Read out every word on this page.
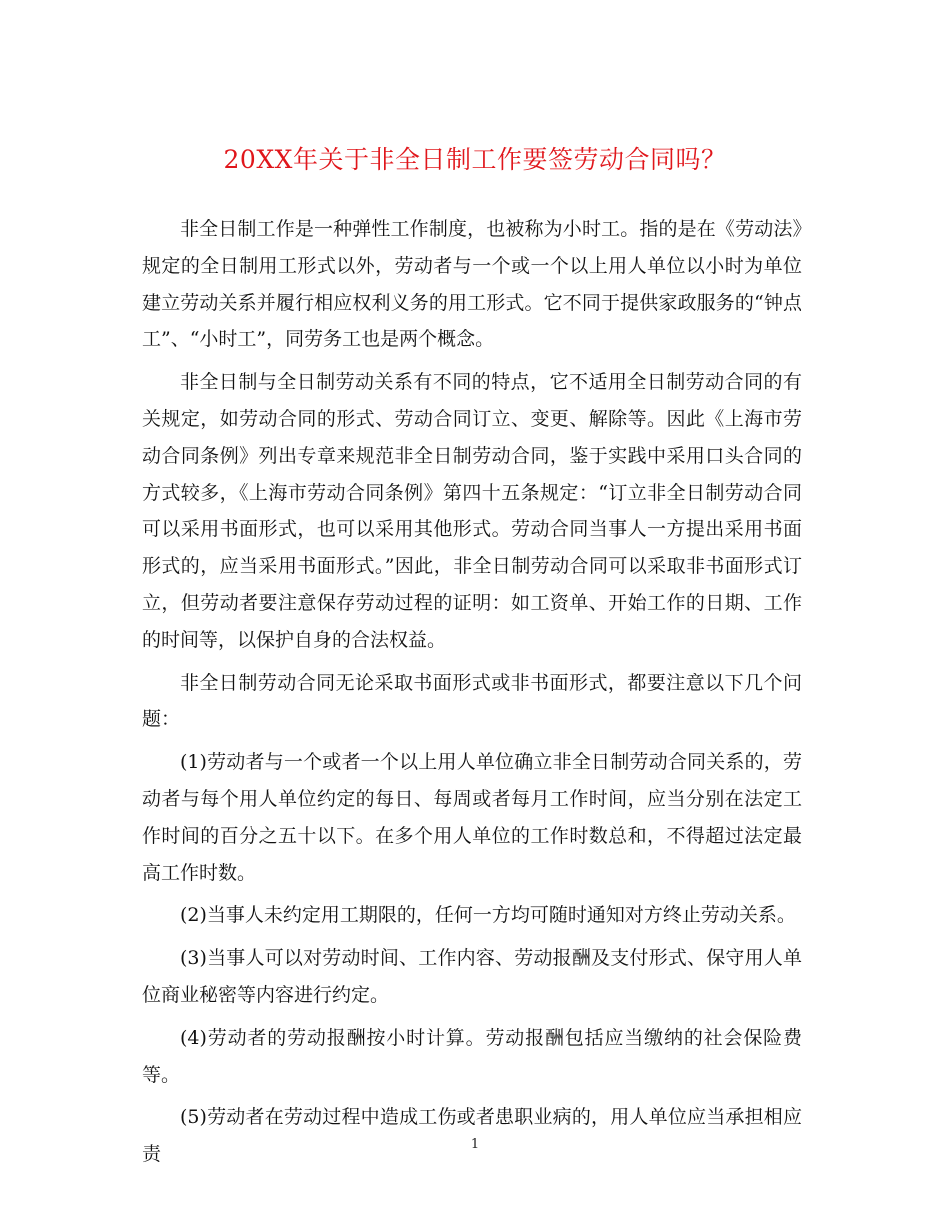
20XX年关于非全日制工作要签劳动合同吗？

非全日制工作是一种弹性工作制度，也被称为小时工。指的是在《劳动法》规定的全日制用工形式以外，劳动者与一个或一个以上用人单位以小时为单位建立劳动关系并履行相应权利义务的用工形式。它不同于提供家政服务的“钟点工”、“小时工”，同劳务工也是两个概念。

非全日制与全日制劳动关系有不同的特点，它不适用全日制劳动合同的有关规定，如劳动合同的形式、劳动合同订立、变更、解除等。因此《上海市劳动合同条例》列出专章来规范非全日制劳动合同，鉴于实践中采用口头合同的方式较多，《上海市劳动合同条例》第四十五条规定：“订立非全日制劳动合同可以采用书面形式，也可以采用其他形式。劳动合同当事人一方提出采用书面形式的，应当采用书面形式。”因此，非全日制劳动合同可以采取非书面形式订立，但劳动者要注意保存劳动过程的证明：如工资单、开始工作的日期、工作的时间等，以保护自身的合法权益。

非全日制劳动合同无论采取书面形式或非书面形式，都要注意以下几个问题：

(1)劳动者与一个或者一个以上用人单位确立非全日制劳动合同关系的，劳动者与每个用人单位约定的每日、每周或者每月工作时间，应当分别在法定工作时间的百分之五十以下。在多个用人单位的工作时数总和，不得超过法定最高工作时数。

(2)当事人未约定用工期限的，任何一方均可随时通知对方终止劳动关系。

(3)当事人可以对劳动时间、工作内容、劳动报酬及支付形式、保守用人单位商业秘密等内容进行约定。

(4)劳动者的劳动报酬按小时计算。劳动报酬包括应当缴纳的社会保险费等。

(5)劳动者在劳动过程中造成工伤或者患职业病的，用人单位应当承担相应责	1
